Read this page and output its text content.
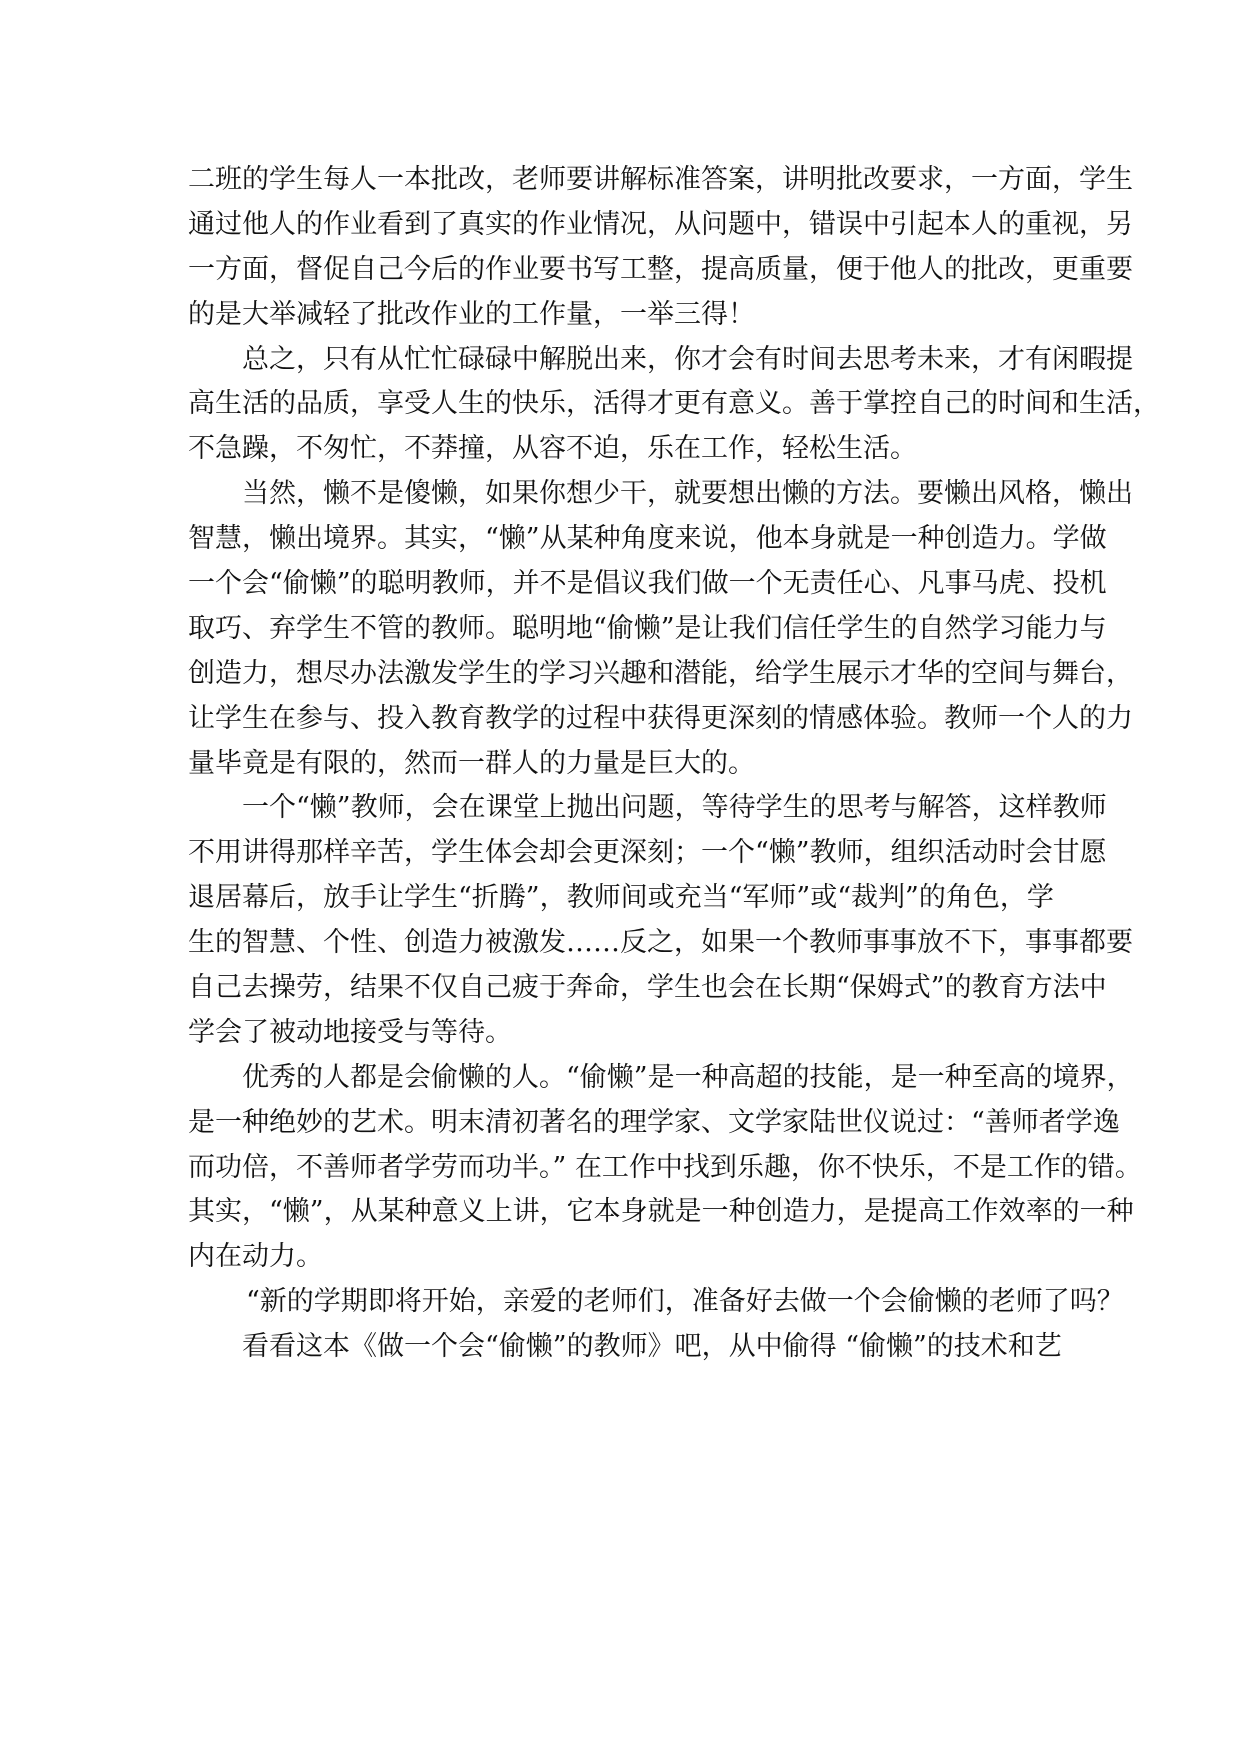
二班的学生每人一本批改，老师要讲解标准答案，讲明批改要求，一方面，学生
通过他人的作业看到了真实的作业情况，从问题中，错误中引起本人的重视，另
一方面，督促自己今后的作业要书写工整，提高质量，便于他人的批改，更重要
的是大举减轻了批改作业的工作量，一举三得！
总之，只有从忙忙碌碌中解脱出来，你才会有时间去思考未来，才有闲暇提
高生活的品质，享受人生的快乐，活得才更有意义。善于掌控自己的时间和生活，
不急躁，不匆忙，不莽撞，从容不迫，乐在工作，轻松生活。
当然，懒不是傻懒，如果你想少干，就要想出懒的方法。要懒出风格，懒出
智慧，懒出境界。其实，“懒”从某种角度来说，他本身就是一种创造力。学做
一个会“偷懒”的聪明教师，并不是倡议我们做一个无责任心、凡事马虎、投机
取巧、弃学生不管的教师。聪明地“偷懒”是让我们信任学生的自然学习能力与
创造力，想尽办法激发学生的学习兴趣和潜能，给学生展示才华的空间与舞台，
让学生在参与、投入教育教学的过程中获得更深刻的情感体验。教师一个人的力
量毕竟是有限的，然而一群人的力量是巨大的。
一个“懒”教师，会在课堂上抛出问题，等待学生的思考与解答，这样教师
不用讲得那样辛苦，学生体会却会更深刻；一个“懒”教师，组织活动时会甘愿
退居幕后，放手让学生“折腾”，教师间或充当“军师”或“裁判”的角色，学
生的智慧、个性、创造力被激发……反之，如果一个教师事事放不下，事事都要
自己去操劳，结果不仅自己疲于奔命，学生也会在长期“保姆式”的教育方法中
学会了被动地接受与等待。
优秀的人都是会偷懒的人。“偷懒”是一种高超的技能，是一种至高的境界，
是一种绝妙的艺术。明末清初著名的理学家、文学家陆世仪说过：“善师者学逸
而功倍，不善师者学劳而功半。” 在工作中找到乐趣，你不快乐，不是工作的错。
其实，“懒”，从某种意义上讲，它本身就是一种创造力，是提高工作效率的一种
内在动力。
“新的学期即将开始，亲爱的老师们，准备好去做一个会偷懒的老师了吗？
看看这本《做一个会“偷懒”的教师》吧，从中偷得 “偷懒”的技术和艺
